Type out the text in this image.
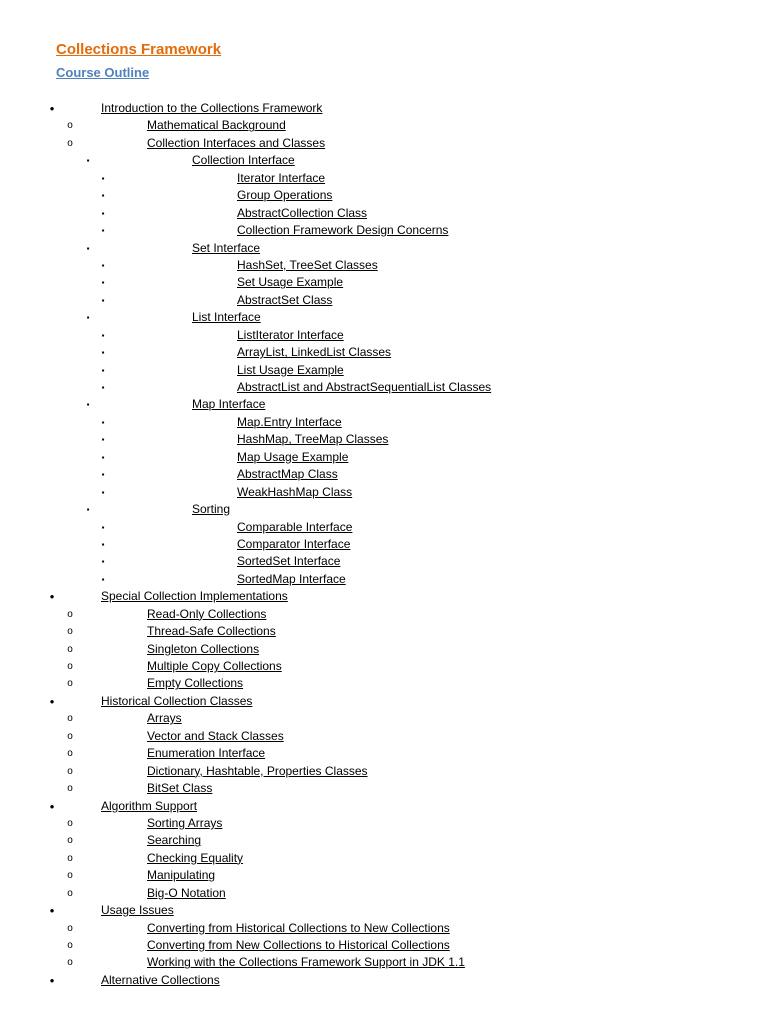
Collections Framework
Course Outline
•	Introduction to the Collections Framework
o	Mathematical Background
o	Collection Interfaces and Classes
▪	Collection Interface
▪	Iterator Interface
▪	Group Operations
▪	AbstractCollection Class
▪	Collection Framework Design Concerns
▪	Set Interface
▪	HashSet, TreeSet Classes
▪	Set Usage Example
▪	AbstractSet Class
▪	List Interface
▪	ListIterator Interface
▪	ArrayList, LinkedList Classes
▪	List Usage Example
▪	AbstractList and AbstractSequentialList Classes
▪	Map Interface
▪	Map.Entry Interface
▪	HashMap, TreeMap Classes
▪	Map Usage Example
▪	AbstractMap Class
▪	WeakHashMap Class
▪	Sorting
▪	Comparable Interface
▪	Comparator Interface
▪	SortedSet Interface
▪	SortedMap Interface
•	Special Collection Implementations
o	Read-Only Collections
o	Thread-Safe Collections
o	Singleton Collections
o	Multiple Copy Collections
o	Empty Collections
•	Historical Collection Classes
o	Arrays
o	Vector and Stack Classes
o	Enumeration Interface
o	Dictionary, Hashtable, Properties Classes
o	BitSet Class
•	Algorithm Support
o	Sorting Arrays
o	Searching
o	Checking Equality
o	Manipulating
o	Big-O Notation
•	Usage Issues
o	Converting from Historical Collections to New Collections
o	Converting from New Collections to Historical Collections
o	Working with the Collections Framework Support in JDK 1.1
•	Alternative Collections
